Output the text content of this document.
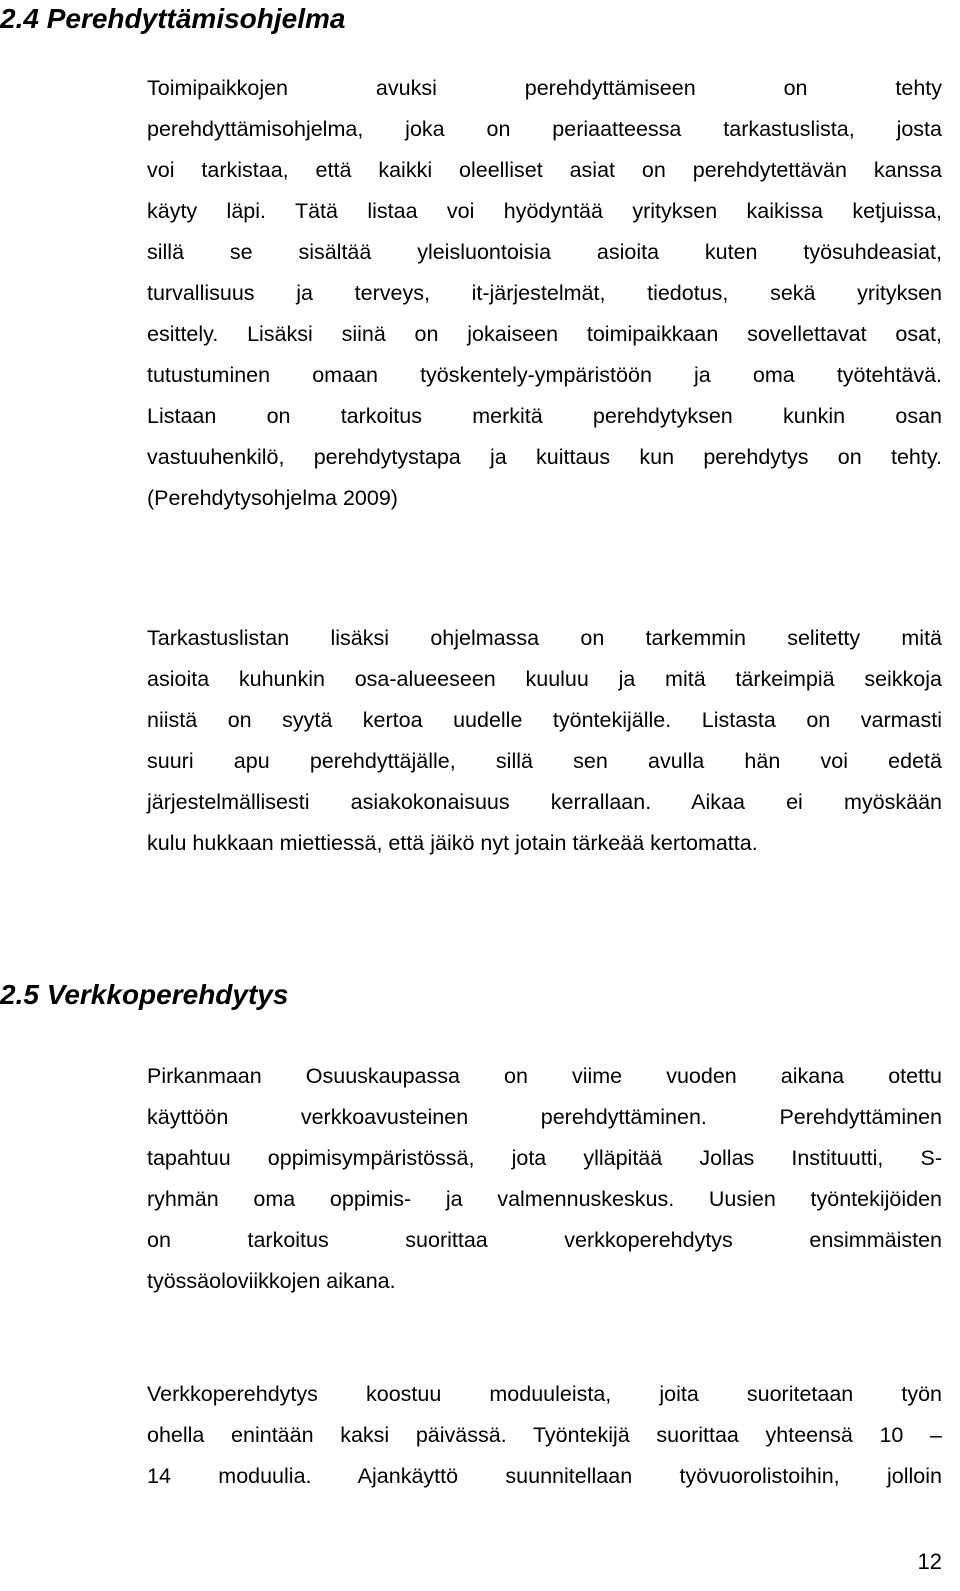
2.4 Perehdyttämisohjelma
Toimipaikkojen avuksi perehdyttämiseen on tehty
perehdyttämisohjelma, joka on periaatteessa tarkastuslista, josta
voi tarkistaa, että kaikki oleelliset asiat on perehdytettävän kanssa
käyty läpi. Tätä listaa voi hyödyntää yrityksen kaikissa ketjuissa,
sillä se sisältää yleisluontoisia asioita kuten työsuhdeasiat,
turvallisuus ja terveys, it-järjestelmät, tiedotus, sekä yrityksen
esittely. Lisäksi siinä on jokaiseen toimipaikkaan sovellettavat osat,
tutustuminen omaan työskentely-ympäristöön ja oma työtehtävä.
Listaan on tarkoitus merkitä perehdytyksen kunkin osan
vastuuhenkilö, perehdytystapa ja kuittaus kun perehdytys on tehty.
(Perehdytysohjelma 2009)
Tarkastuslistan lisäksi ohjelmassa on tarkemmin selitetty mitä
asioita kuhunkin osa-alueeseen kuuluu ja mitä tärkeimpiä seikkoja
niistä on syytä kertoa uudelle työntekijälle. Listasta on varmasti
suuri apu perehdyttäjälle, sillä sen avulla hän voi edetä
järjestelmällisesti asiakokonaisuus kerrallaan. Aikaa ei myöskään
kulu hukkaan miettiessä, että jäikö nyt jotain tärkeää kertomatta.
2.5 Verkkoperehdytys
Pirkanmaan Osuuskaupassa on viime vuoden aikana otettu
käyttöön verkkoavusteinen perehdyttäminen. Perehdyttäminen
tapahtuu oppimisympäristössä, jota ylläpitää Jollas Instituutti, S-
ryhmän oma oppimis- ja valmennuskeskus. Uusien työntekijöiden
on tarkoitus suorittaa verkkoperehdytys ensimmäisten
työssäoloviikkojen aikana.
Verkkoperehdytys koostuu moduuleista, joita suoritetaan työn
ohella enintään kaksi päivässä. Työntekijä suorittaa yhteensä 10 –
14 moduulia. Ajankäyttö suunnitellaan työvuorolistoihin, jolloin
12
